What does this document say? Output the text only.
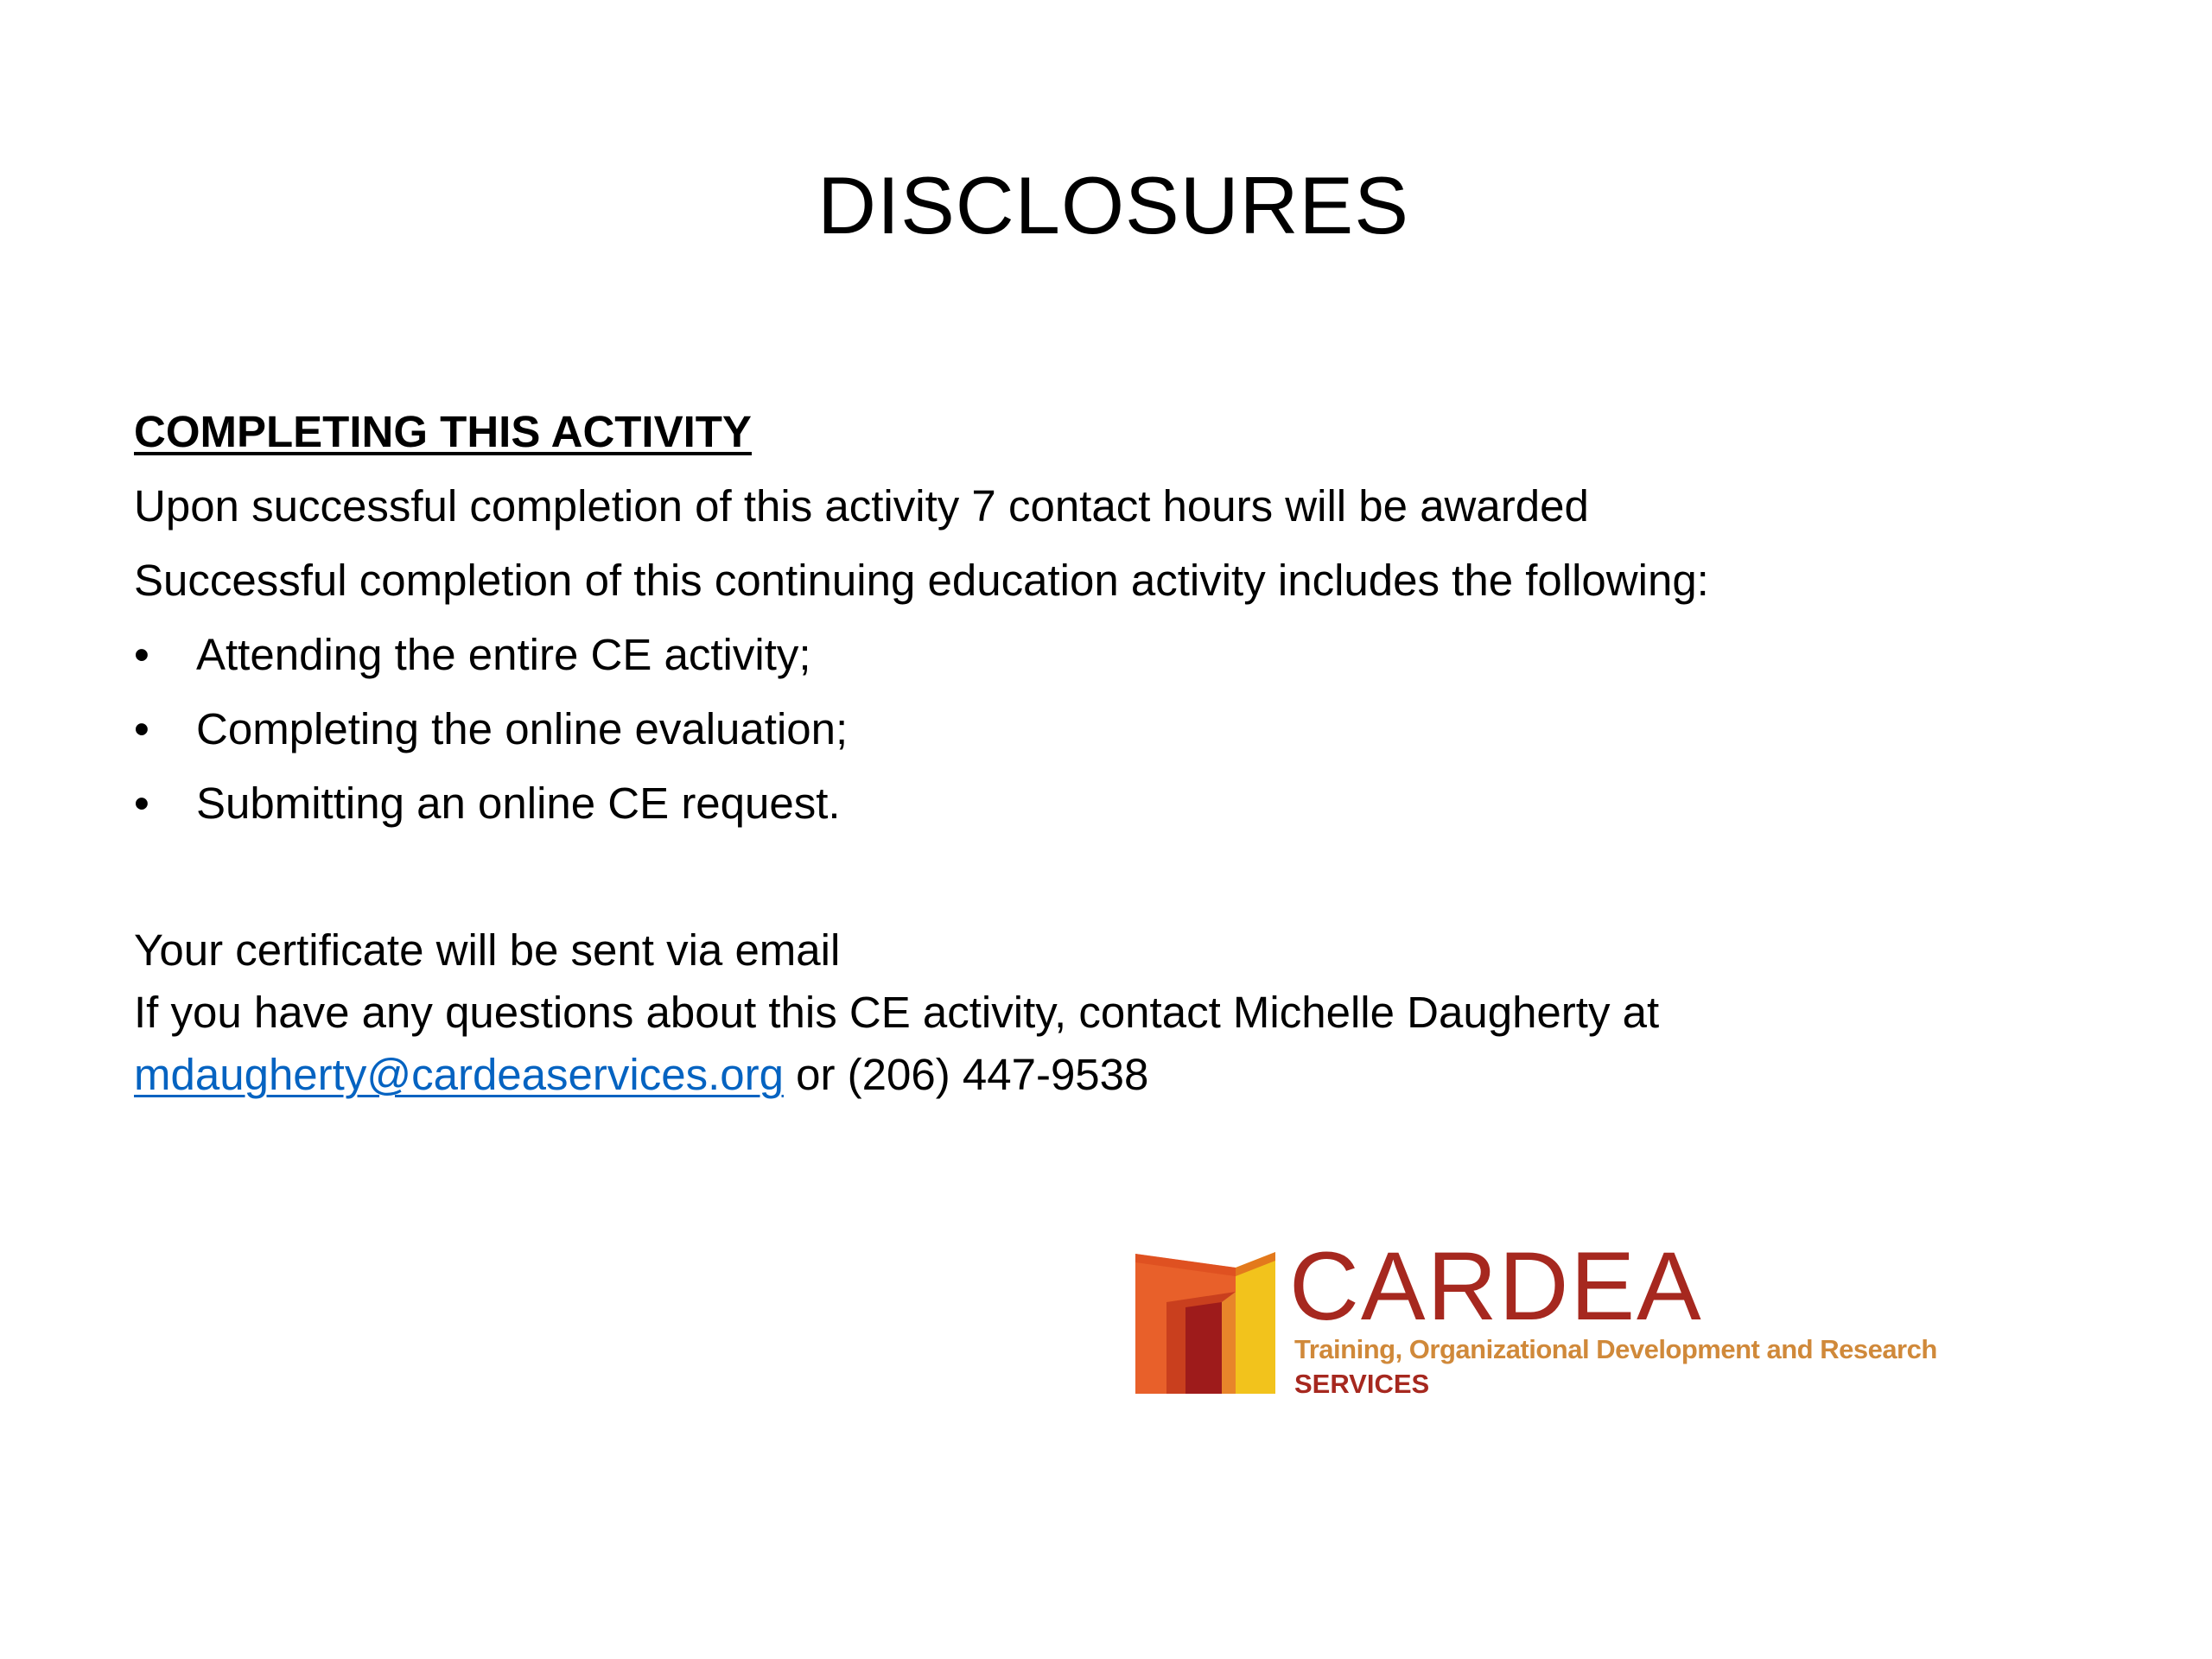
DISCLOSURES
COMPLETING THIS ACTIVITY
Upon successful completion of this activity 7 contact hours will be awarded
Successful completion of this continuing education activity includes the following:
•	Attending the entire CE activity;
•	Completing the online evaluation;
•	Submitting an online CE request.
Your certificate will be sent via email
If you have any questions about this CE activity, contact Michelle Daugherty at
mdaugherty@cardeaservices.org or (206) 447-9538
CARDEA
Training, Organizational Development and Research
SERVICES
